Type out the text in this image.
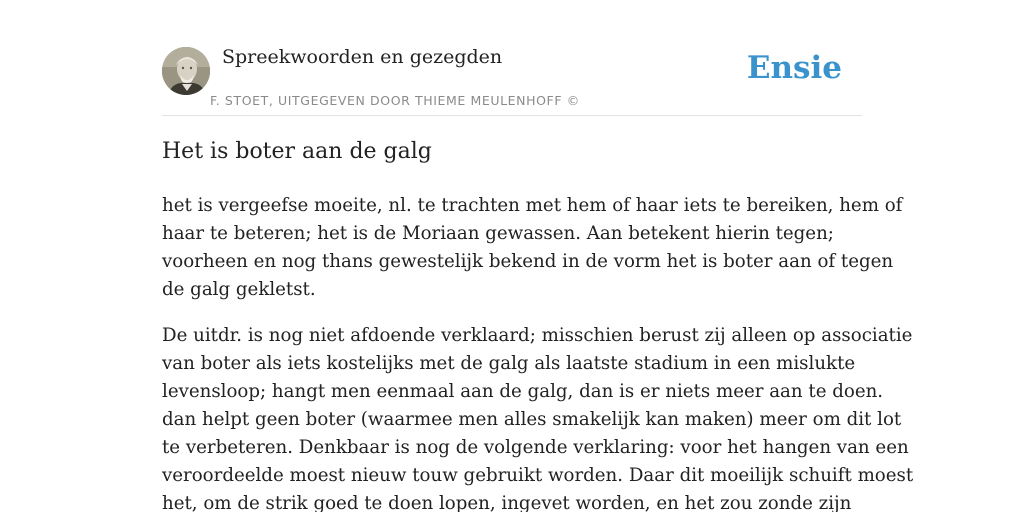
Spreekwoorden en gezegden
F. STOET, UITGEGEVEN DOOR THIEME MEULENHOFF ©
Ensie
Het is boter aan de galg

het is vergeefse moeite, nl. te trachten met hem of haar iets te bereiken, hem of
haar te beteren; het is de Moriaan gewassen. Aan betekent hierin tegen;
voorheen en nog thans gewestelijk bekend in de vorm het is boter aan of tegen
de galg gekletst.

De uitdr. is nog niet afdoende verklaard; misschien berust zij alleen op associatie
van boter als iets kostelijks met de galg als laatste stadium in een mislukte
levensloop; hangt men eenmaal aan de galg, dan is er niets meer aan te doen.
dan helpt geen boter (waarmee men alles smakelijk kan maken) meer om dit lot
te verbeteren. Denkbaar is nog de volgende verklaring: voor het hangen van een
veroordeelde moest nieuw touw gebruikt worden. Daar dit moeilijk schuift moest
het, om de strik goed te doen lopen, ingevet worden, en het zou zonde zijn
